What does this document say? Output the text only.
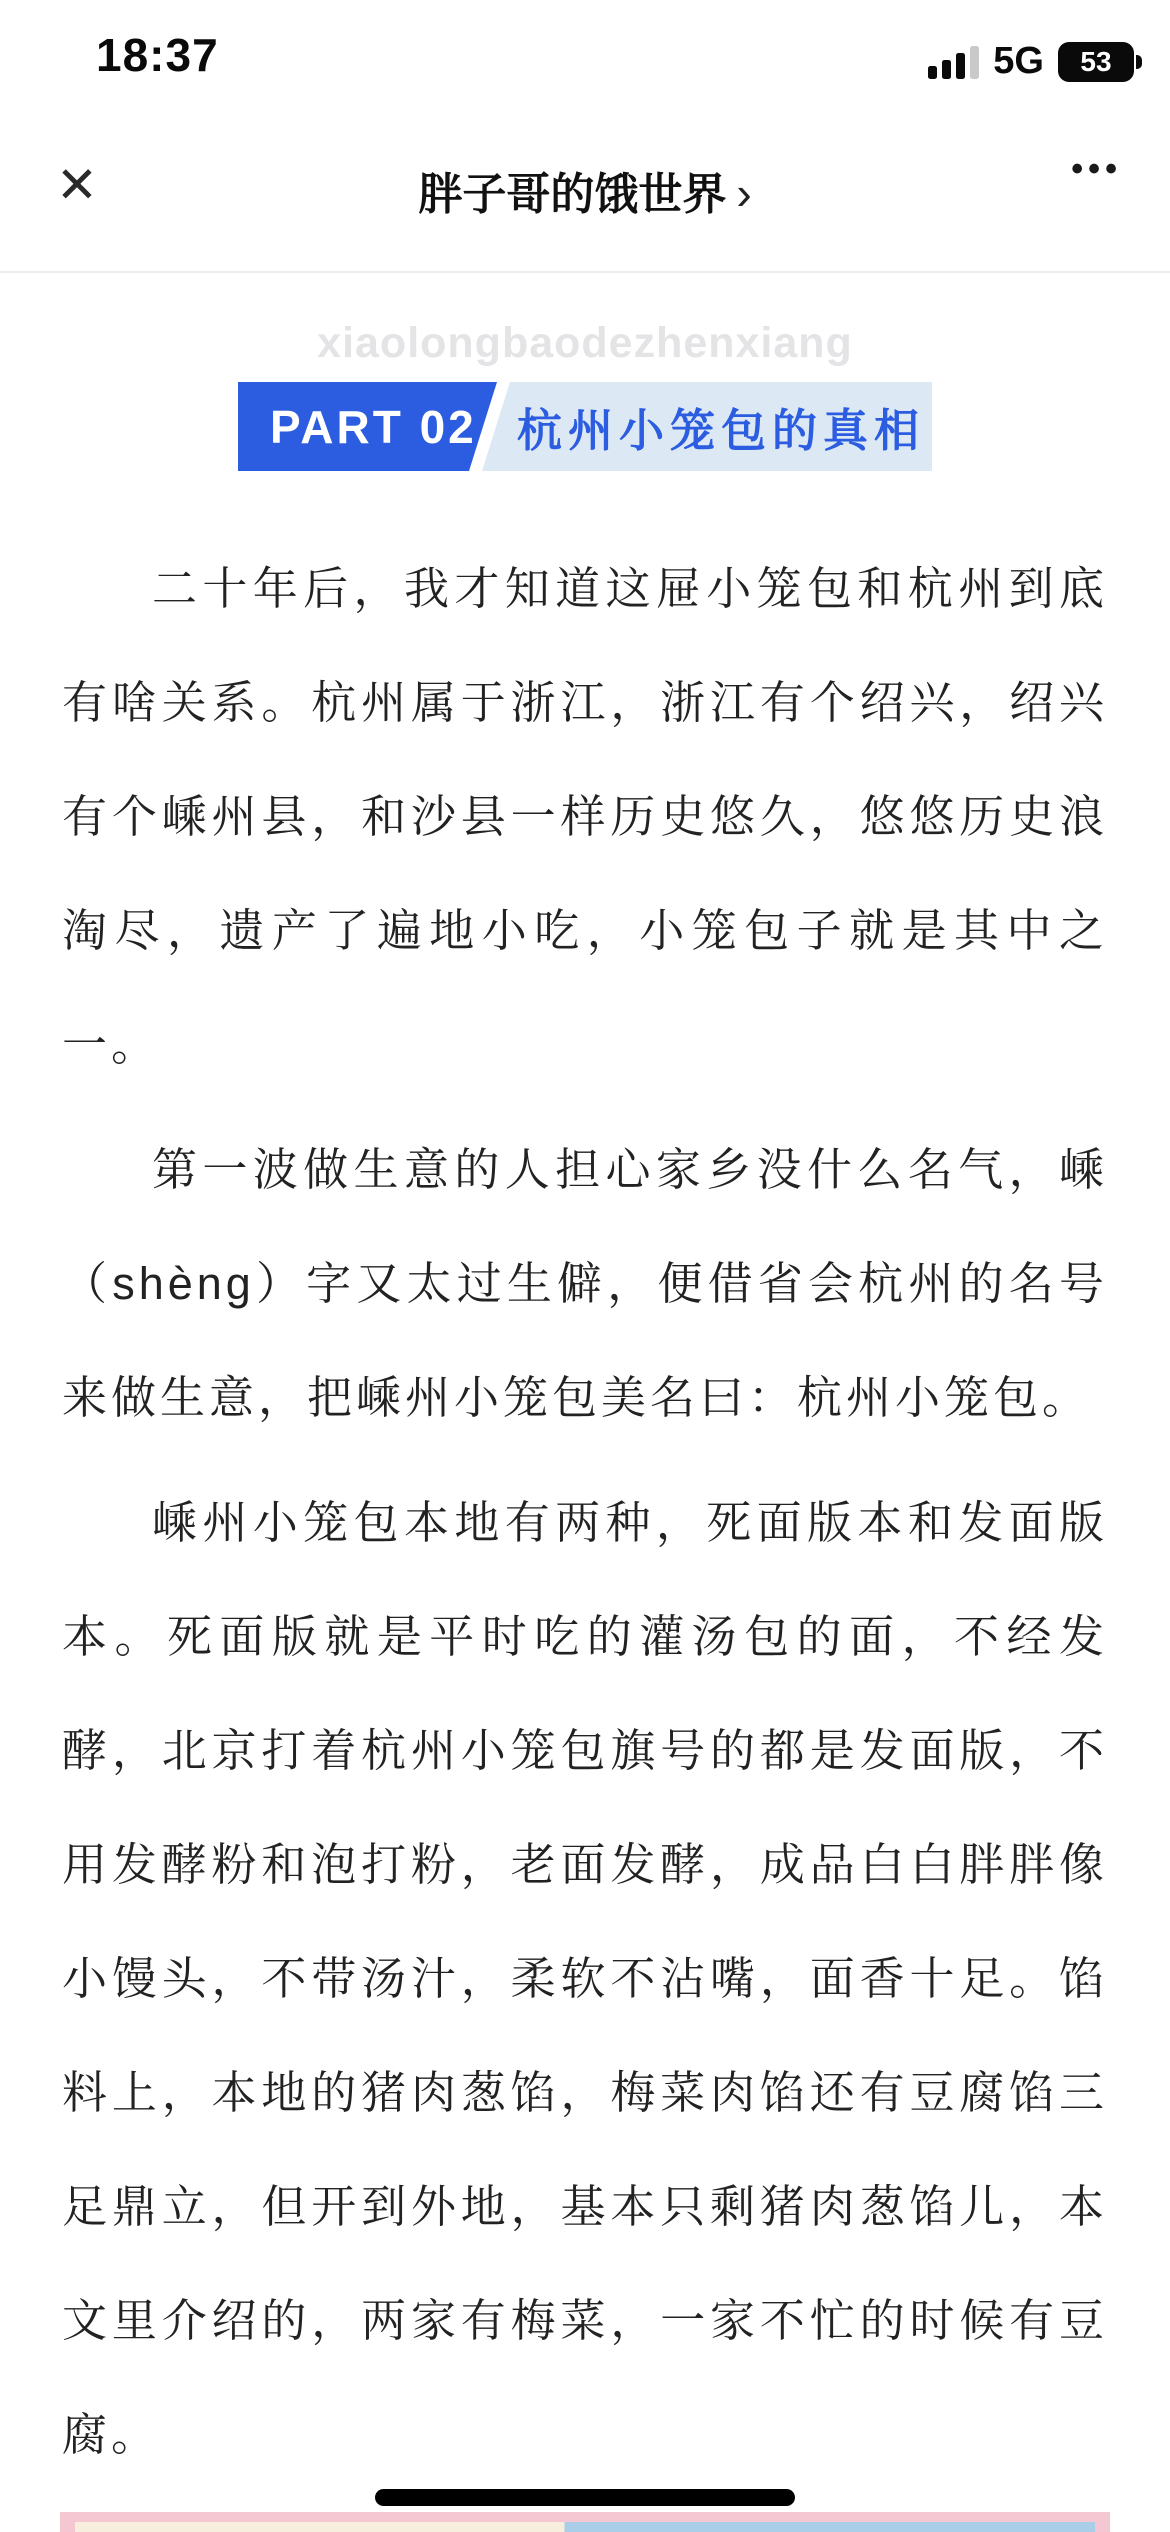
18:37	5G 53
✕	胖子哥的饿世界 ›	•••
xiaolongbaodezhenxiang
PART 02 杭州小笼包的真相

二十年后，我才知道这屉小笼包和杭州到底有啥关系。杭州属于浙江，浙江有个绍兴，绍兴有个嵊州县，和沙县一样历史悠久，悠悠历史浪淘尽，遗产了遍地小吃，小笼包子就是其中之一。

第一波做生意的人担心家乡没什么名气，嵊（shèng）字又太过生僻，便借省会杭州的名号来做生意，把嵊州小笼包美名曰：杭州小笼包。

嵊州小笼包本地有两种，死面版本和发面版本。死面版就是平时吃的灌汤包的面，不经发酵，北京打着杭州小笼包旗号的都是发面版，不用发酵粉和泡打粉，老面发酵，成品白白胖胖像小馒头，不带汤汁，柔软不沾嘴，面香十足。馅料上，本地的猪肉葱馅，梅菜肉馅还有豆腐馅三足鼎立，但开到外地，基本只剩猪肉葱馅儿，本文里介绍的，两家有梅菜，一家不忙的时候有豆腐。
